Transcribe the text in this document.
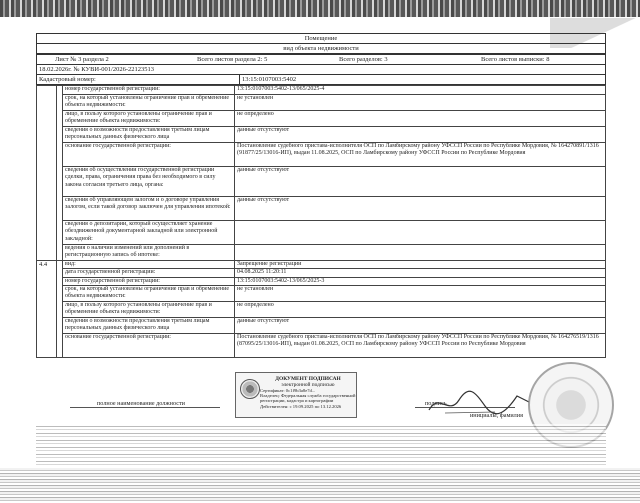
Помещение
вид объекта недвижимости
Лист № 3 раздела 2	Всего листов раздела 2: 5	Всего разделов: 3	Всего листов выписки: 8
18.02.2026г. № КУВИ-001/2026-22123513
Кадастровый номер:	13:15:0107003:5402
		номер государственной регистрации:	13:15:0107003:5402-13/065/2025-4
		срок, на который установлены ограничение прав и обременение объекта недвижимости:	не установлен
		лицо, в пользу которого установлены ограничение прав и обременение объекта недвижимости:	не определено
		сведения о возможности предоставления третьим лицам персональных данных физического лица	данные отсутствуют
		основание государственной регистрации:	Постановление судебного пристава-исполнителя ОСП по Ламбирскому району УФССП России по Республике Мордовия, № 164270891/1316 (91877/25/13016-ИП), выдан 11.08.2025, ОСП по Ламбирскому району УФССП России по Республике Мордовия
		сведения об осуществлении государственной регистрации сделки, права, ограничения права без необходимого в силу закона согласия третьего лица, органа:	данные отсутствуют
		сведения об управляющем залогом и о договоре управления залогом, если такой договор заключен для управления ипотекой:	данные отсутствуют
		сведения о депозитарии, который осуществляет хранение обездвиженной документарной закладной или электронной закладной:	
		ведения о наличии изменений или дополнений в регистрационную запись об ипотеке:	
4.4		вид:	Запрещение регистрации
		дата государственной регистрации:	04.08.2025 11:20:11
		номер государственной регистрации:	13:15:0107003:5402-13/065/2025-3
		срок, на который установлены ограничение прав и обременение объекта недвижимости:	не установлен
		лицо, в пользу которого установлены ограничение прав и обременение объекта недвижимости:	не определено
		сведения о возможности предоставления третьим лицам персональных данных физического лица	данные отсутствуют
		основание государственной регистрации:	Постановление судебного пристава-исполнителя ОСП по Ламбирскому району УФССП России по Республике Мордовия, № 164276519/1316 (87095/25/13016-ИП), выдан 01.08.2025, ОСП по Ламбирскому району УФССП России по Республике Мордовия
ДОКУМЕНТ ПОДПИСАН
электронной подписью
Сертификат: 0c1f9b3a8e7d...
Владелец: Федеральная служба государственной регистрации, кадастра и картографии
Действителен: с 19.09.2025 по 13.12.2026
полное наименование должности	подпись
инициалы, фамилия
